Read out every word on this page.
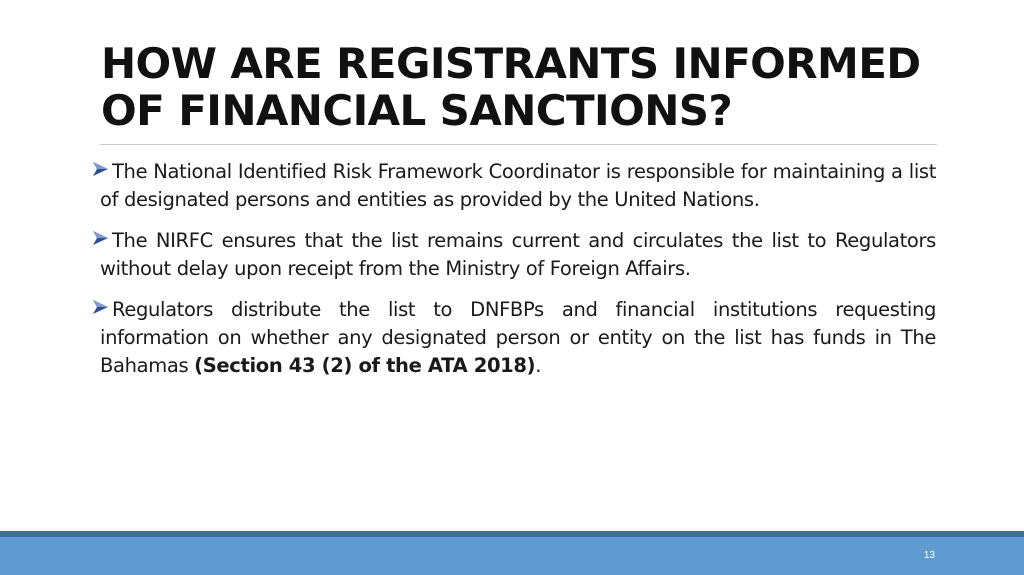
HOW ARE REGISTRANTS INFORMED OF FINANCIAL SANCTIONS?

The National Identified Risk Framework Coordinator is responsible for maintaining a list of designated persons and entities as provided by the United Nations.

The NIRFC ensures that the list remains current and circulates the list to Regulators without delay upon receipt from the Ministry of Foreign Affairs.

Regulators distribute the list to DNFBPs and financial institutions requesting information on whether any designated person or entity on the list has funds in The Bahamas (Section 43 (2) of the ATA 2018).

13
